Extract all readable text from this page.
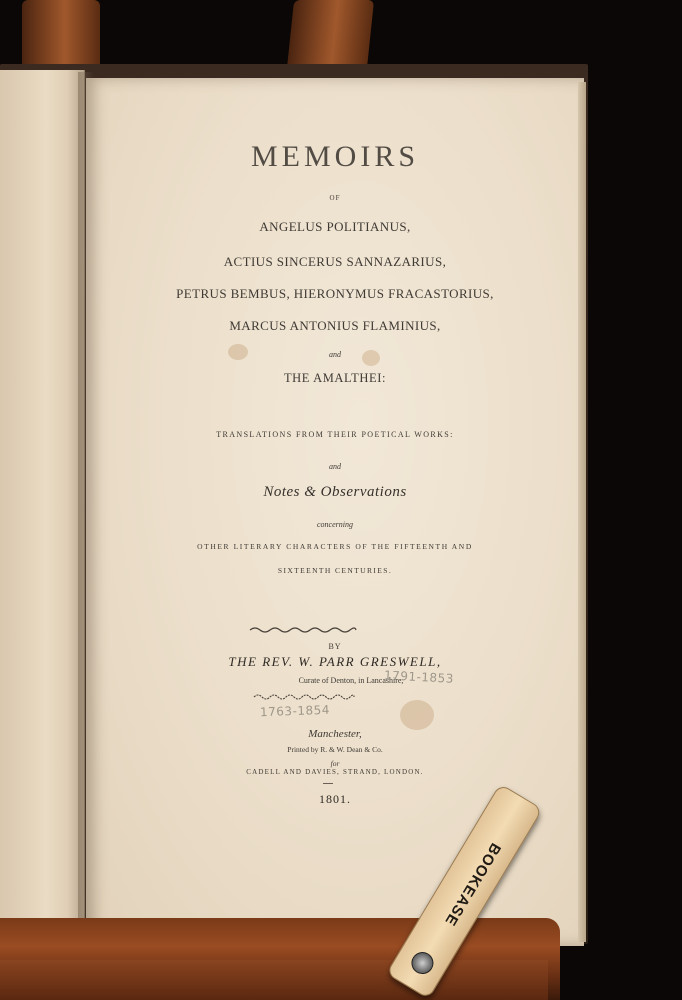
MEMOIRS
OF
ANGELUS POLITIANUS,
ACTIUS SINCERUS SANNAZARIUS,
PETRUS BEMBUS, HIERONYMUS FRACASTORIUS,
MARCUS ANTONIUS FLAMINIUS,
and
THE AMALTHEI:
TRANSLATIONS FROM THEIR POETICAL WORKS:
and
Notes & Observations
concerning
OTHER LITERARY CHARACTERS OF THE FIFTEENTH AND
SIXTEENTH CENTURIES.
BY
THE REV. W. PARR GRESWELL,
Curate of Denton, in Lancashire,
1791-1853
1763-1854
Manchester,
Printed by R. & W. Dean & Co.
for
CADELL AND DAVIES, STRAND, LONDON.
1801.
BOOKEASE
